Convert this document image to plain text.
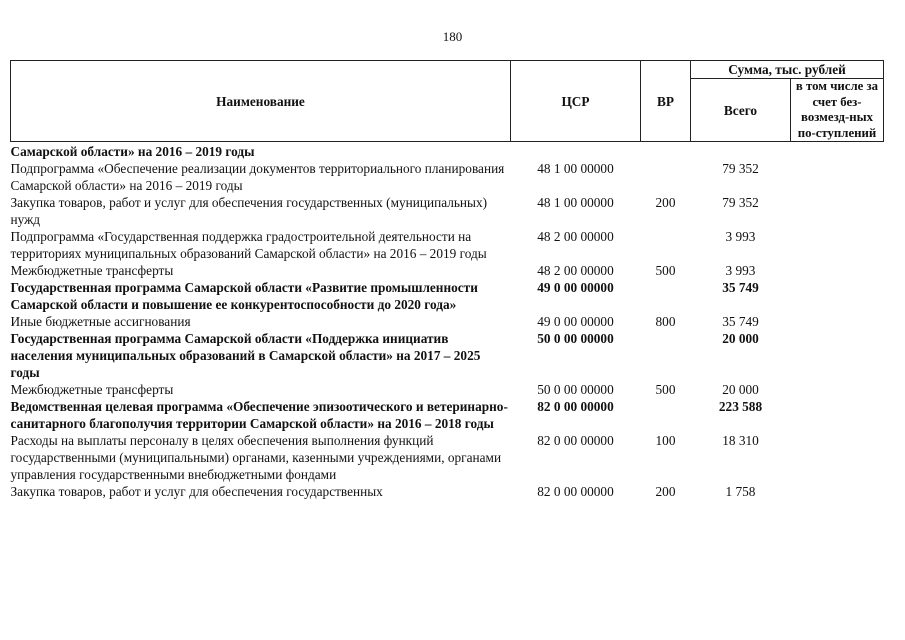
180
Наименование	ЦСР	ВР	Сумма, тыс. рублей	
			Всего	в том числе за счет без-возмезд-ных по-ступлений
Самарской области» на 2016 – 2019 годы				
Подпрограмма «Обеспечение реализации документов территориального планирования Самарской области» на 2016 – 2019 годы	48 1 00 00000		79 352	
Закупка товаров, работ и услуг для обеспечения государственных (муниципальных) нужд	48 1 00 00000	200	79 352	
Подпрограмма «Государственная поддержка градостроительной деятельности на территориях муниципальных образований Самарской области» на 2016 – 2019 годы	48 2 00 00000		3 993	
Межбюджетные трансферты	48 2 00 00000	500	3 993	
Государственная программа Самарской области «Развитие промышленности Самарской области и повышение ее конкурентоспособности до 2020 года»	49 0 00 00000		35 749	
Иные бюджетные ассигнования	49 0 00 00000	800	35 749	
Государственная программа Самарской области «Поддержка инициатив населения муниципальных образований в Самарской области» на 2017 – 2025 годы	50 0 00 00000		20 000	
Межбюджетные трансферты	50 0 00 00000	500	20 000	
Ведомственная целевая программа «Обеспечение эпизоотического и ветеринарно-санитарного благополучия территории Самарской области» на 2016 – 2018 годы	82 0 00 00000		223 588	
Расходы на выплаты персоналу в целях обеспечения выполнения функций государственными (муниципальными) органами, казенными учреждениями, органами управления государственными внебюджетными фондами	82 0 00 00000	100	18 310	
Закупка товаров, работ и услуг для обеспечения государственных	82 0 00 00000	200	1 758	
